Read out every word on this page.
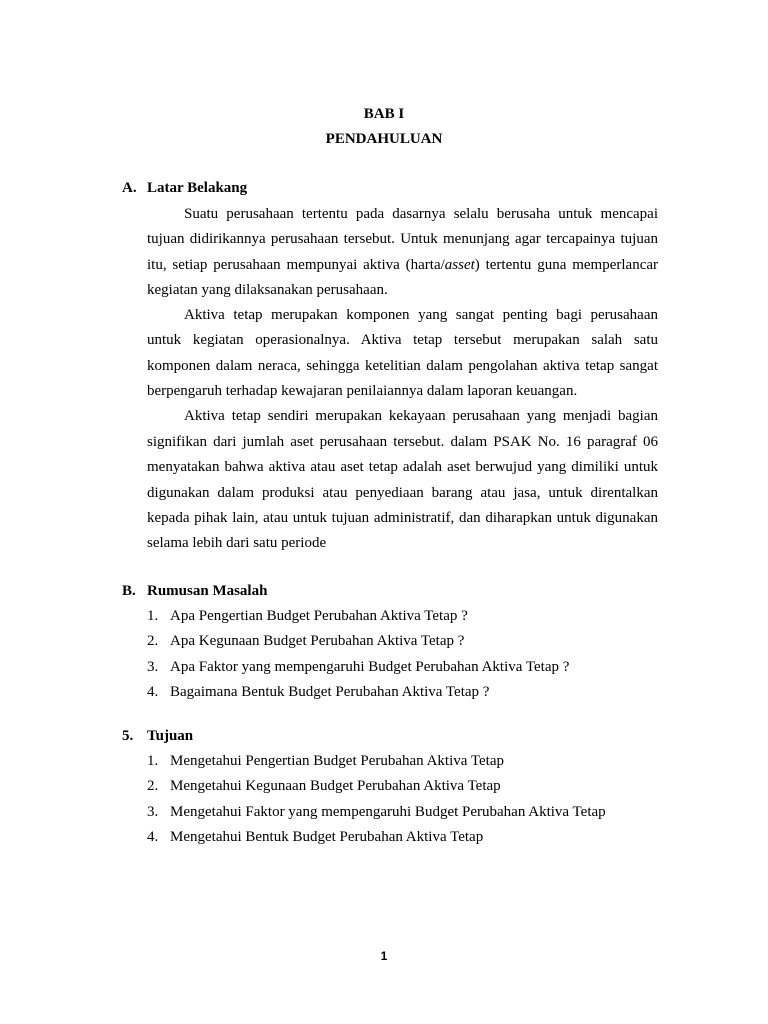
BAB I
PENDAHULUAN
A. Latar Belakang
Suatu perusahaan tertentu pada dasarnya selalu berusaha untuk mencapai
tujuan didirikannya perusahaan tersebut. Untuk menunjang agar tercapainya tujuan
itu, setiap perusahaan mempunyai aktiva (harta/asset) tertentu guna memperlancar
kegiatan yang dilaksanakan perusahaan.
Aktiva tetap merupakan komponen yang sangat penting bagi perusahaan
untuk kegiatan operasionalnya. Aktiva tetap tersebut merupakan salah satu
komponen dalam neraca, sehingga ketelitian dalam pengolahan aktiva tetap sangat
berpengaruh terhadap kewajaran penilaiannya dalam laporan keuangan.
Aktiva tetap sendiri merupakan kekayaan perusahaan yang menjadi bagian
signifikan dari jumlah aset perusahaan tersebut. dalam PSAK No. 16 paragraf 06
menyatakan bahwa aktiva atau aset tetap adalah aset berwujud yang dimiliki untuk
digunakan dalam produksi atau penyediaan barang atau jasa, untuk direntalkan
kepada pihak lain, atau untuk tujuan administratif, dan diharapkan untuk digunakan
selama lebih dari satu periode
B. Rumusan Masalah
1. Apa Pengertian Budget Perubahan Aktiva Tetap ?
2. Apa Kegunaan Budget Perubahan Aktiva Tetap ?
3. Apa Faktor yang mempengaruhi Budget Perubahan Aktiva Tetap ?
4. Bagaimana Bentuk Budget Perubahan Aktiva Tetap ?
5. Tujuan
1. Mengetahui Pengertian Budget Perubahan Aktiva Tetap
2. Mengetahui Kegunaan Budget Perubahan Aktiva Tetap
3. Mengetahui Faktor yang mempengaruhi Budget Perubahan Aktiva Tetap
4. Mengetahui Bentuk Budget Perubahan Aktiva Tetap
1
